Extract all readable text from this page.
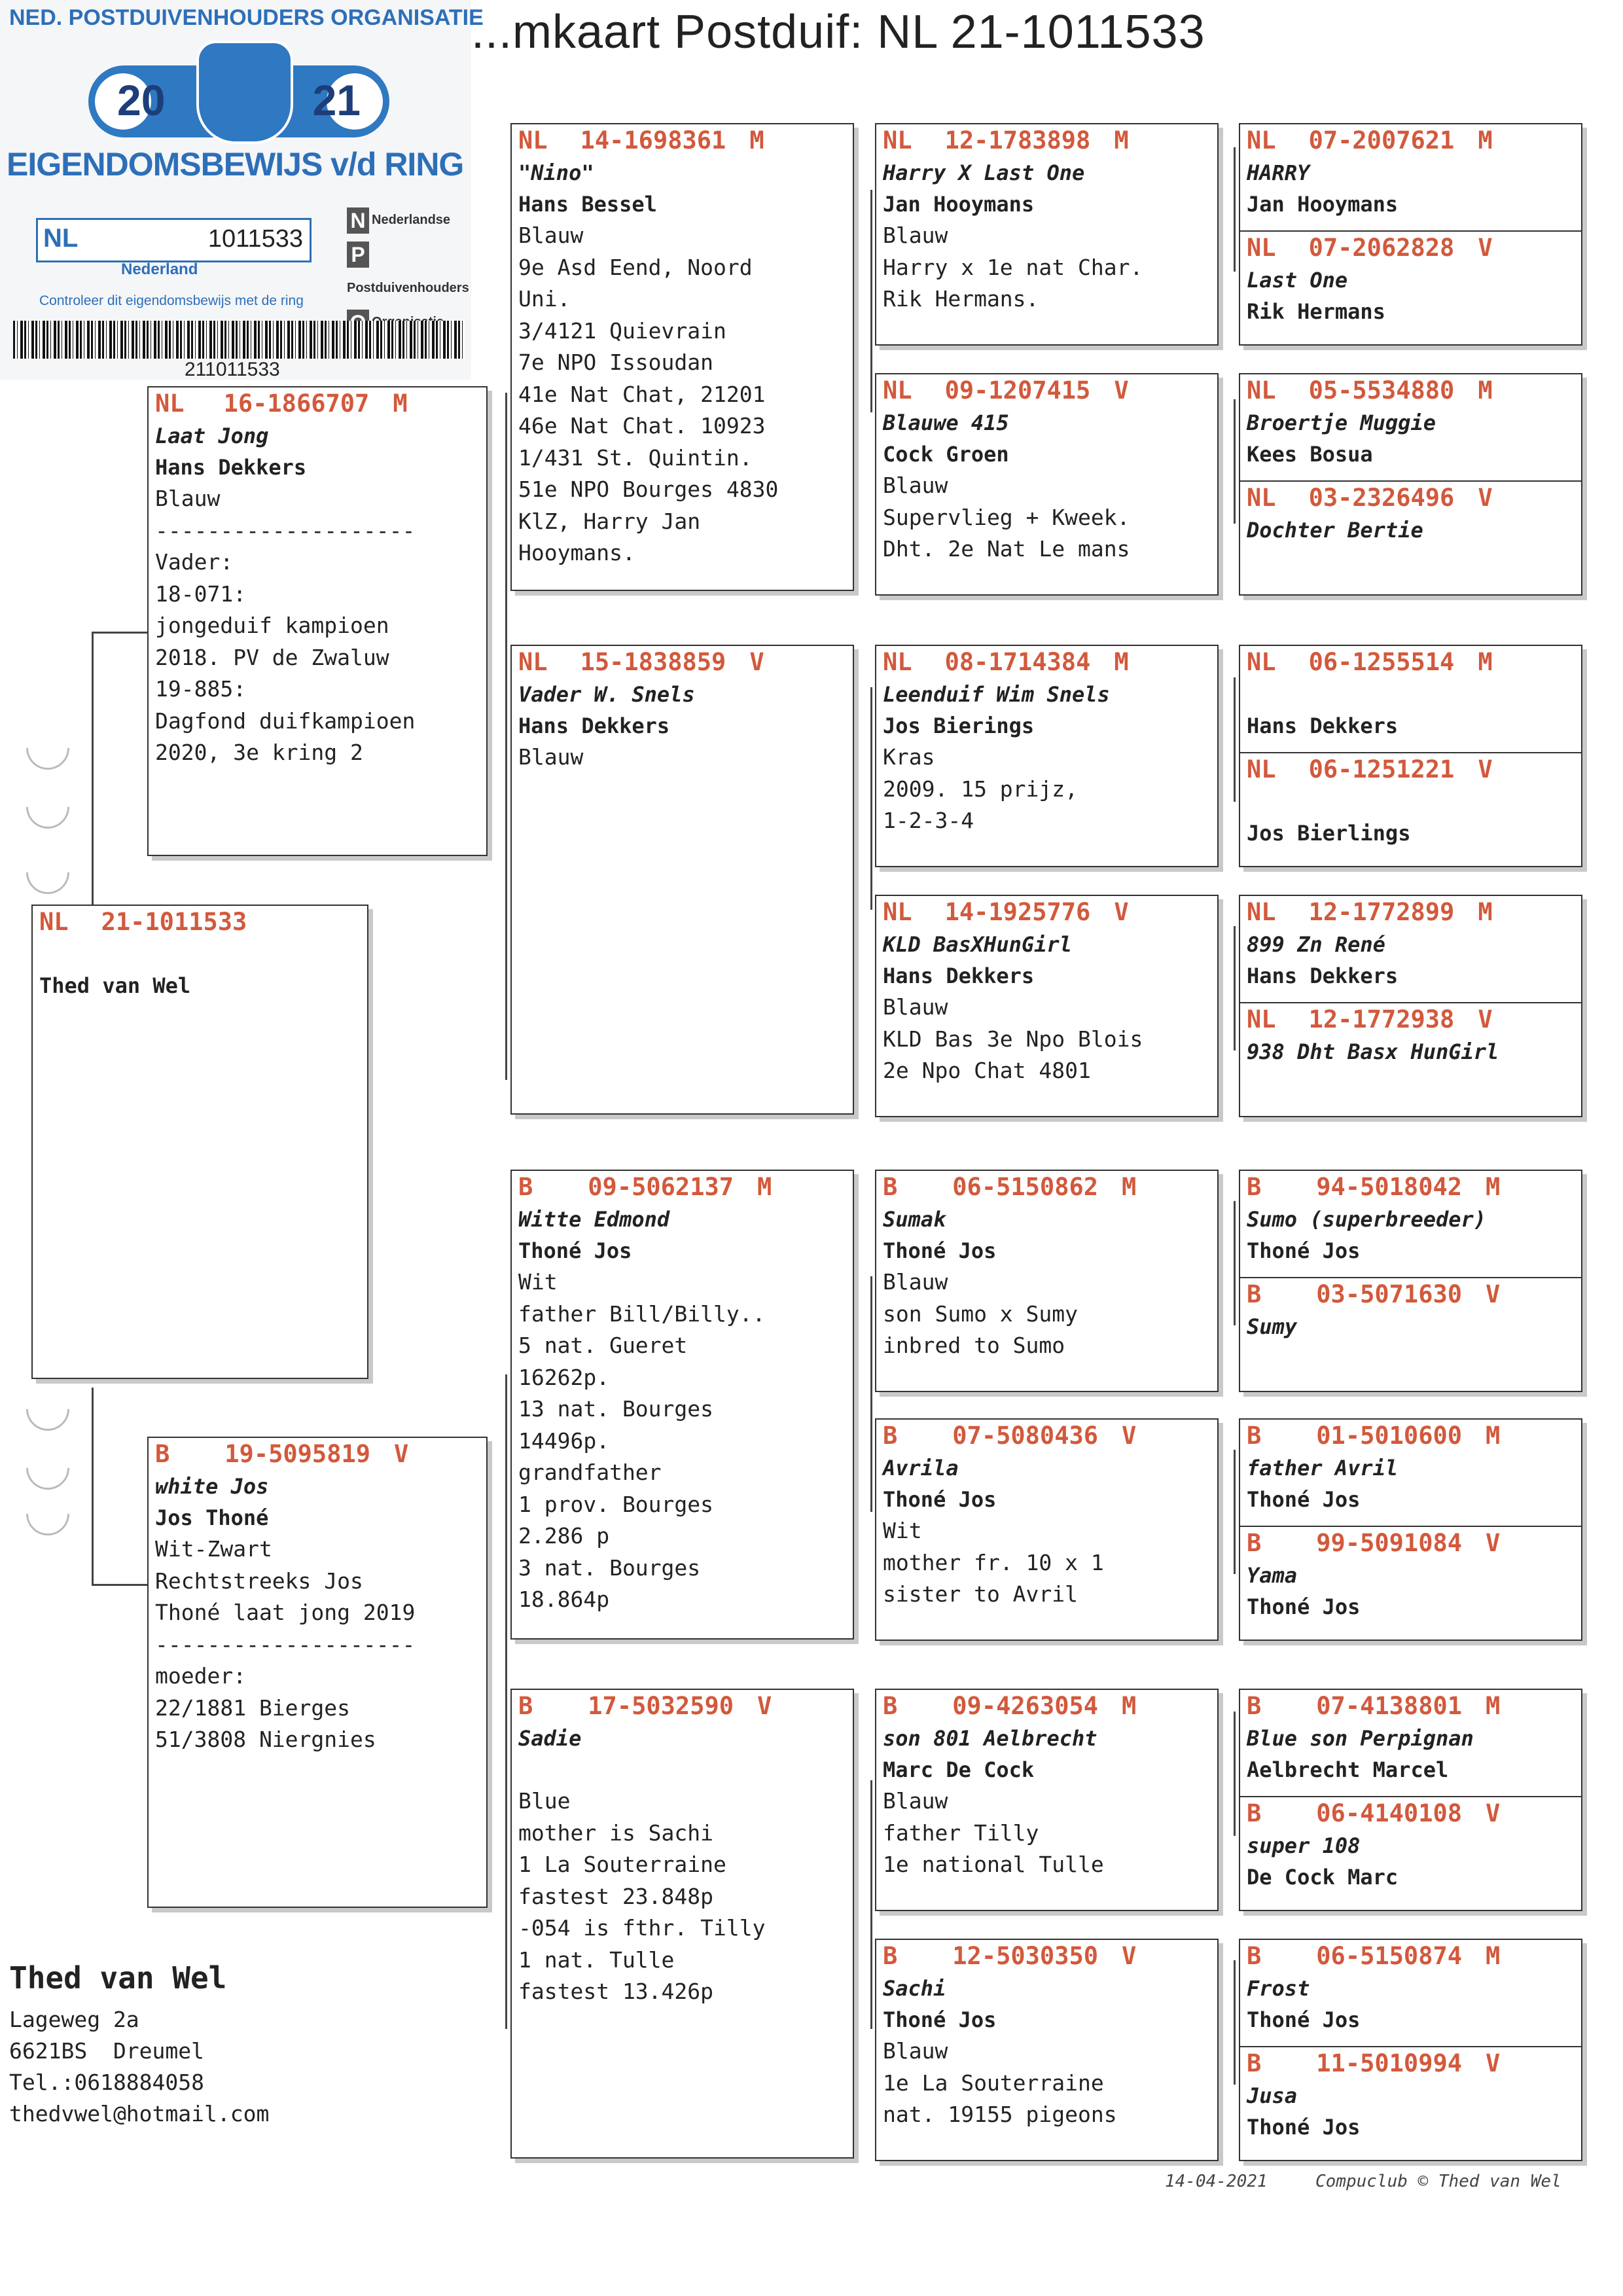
...mkaart Postduif: NL 21-1011533
NED. POSTDUIVENHOUDERS ORGANISATIE
20	21
EIGENDOMSBEWIJS v/d RING
NL	1011533
N Nederlandse
PPostduivenhouders
Nederland
Controleer dit eigendomsbewijs met de ring
211011533
NL 21-1011533
Thed van Wel
NL 16-1866707 M
Laat Jong
Hans Dekkers
Blauw
--------------------
Vader:
18-071:
jongeduif kampioen
2018. PV de Zwaluw
19-885:
Dagfond duifkampioen
2020, 3e kring 2
B 19-5095819 V
white Jos
Jos Thoné
Wit-Zwart
Rechtstreeks Jos
Thoné laat jong 2019
--------------------
moeder:
22/1881 Bierges
51/3808 Niergnies
NL 14-1698361 M
"Nino"
Hans Bessel
Blauw
9e Asd Eend, Noord
Uni.
3/4121 Quievrain
7e NPO Issoudan
41e Nat Chat, 21201
46e Nat Chat. 10923
1/431 St. Quintin.
51e NPO Bourges 4830
KlZ, Harry Jan
Hooymans.
NL 15-1838859 V
Vader W. Snels
Hans Dekkers
Blauw
B 09-5062137 M
Witte Edmond
Thoné Jos
Wit
father Bill/Billy..
5 nat. Gueret
16262p.
13 nat. Bourges
14496p.
grandfather
1 prov. Bourges
2.286 p
3 nat. Bourges
18.864p
B 17-5032590 V
Sadie
Blue
mother is Sachi
1 La Souterraine
fastest 23.848p
-054 is fthr. Tilly
1 nat. Tulle
fastest 13.426p
NL 12-1783898 M
Harry X Last One
Jan Hooymans
Blauw
Harry x 1e nat Char.
Rik Hermans.
NL 09-1207415 V
Blauwe 415
Cock Groen
Blauw
Supervlieg + Kweek.
Dht. 2e Nat Le mans
NL 08-1714384 M
Leenduif Wim Snels
Jos Bierings
Kras
2009. 15 prijz,
1-2-3-4
NL 14-1925776 V
KLD BasXHunGirl
Hans Dekkers
Blauw
KLD Bas 3e Npo Blois
2e Npo Chat 4801
B 06-5150862 M
Sumak
Thoné Jos
Blauw
son Sumo x Sumy
inbred to Sumo
B 07-5080436 V
Avrila
Thoné Jos
Wit
mother fr. 10 x 1
sister to Avril
B 09-4263054 M
son 801 Aelbrecht
Marc De Cock
Blauw
father Tilly
1e national Tulle
B 12-5030350 V
Sachi
Thoné Jos
Blauw
1e La Souterraine
nat. 19155 pigeons
NL 07-2007621 M
HARRY
Jan Hooymans
NL 07-2062828 V
Last One
Rik Hermans
NL 05-5534880 M
Broertje Muggie
Kees Bosua
NL 03-2326496 V
Dochter Bertie
NL 06-1255514 M
Hans Dekkers
NL 06-1251221 V
Jos Bierlings
NL 12-1772899 M
899 Zn René
Hans Dekkers
NL 12-1772938 V
938 Dht Basx HunGirl
B 94-5018042 M
Sumo (superbreeder)
Thoné Jos
B 03-5071630 V
Sumy
B 01-5010600 M
father Avril
Thoné Jos
B 99-5091084 V
Yama
Thoné Jos
B 07-4138801 M
Blue son Perpignan
Aelbrecht Marcel
B 06-4140108 V
super 108
De Cock Marc
B 06-5150874 M
Frost
Thoné Jos
B 11-5010994 V
Jusa
Thoné Jos
Thed van Wel
Lageweg 2a
6621BS  Dreumel
Tel.:0618884058
thedvwel@hotmail.com
14-04-2021	Compuclub © Thed van Wel
